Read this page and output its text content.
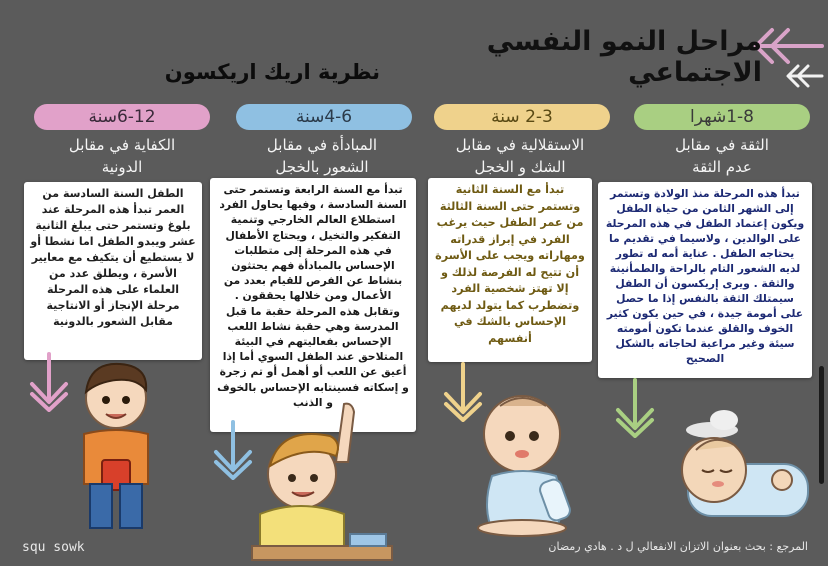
مراحل النمو النفسي الاجتماعي
نظرية اريك اريكسون
1-8شهرا
الثقة في مقابل
عدم الثقة
تبدأ هذه المرحلة منذ الولادة وتستمر إلى الشهر الثامن من حياة الطفل ويكون إعتماد الطفل في هذه المرحلة على الوالدين ، ولاسيما في تقديم ما يحتاجه الطفل . عناية أمه له تطور لديه الشعور التام بالراحة والطمأنينة والثقة . ويرى إريكسون أن الطفل سيمتلك الثقة بالنفس إذا ما حصل على أمومة جيدة ، في حين يكون كثير الخوف والقلق عندما تكون أمومته سيئة وغير مراعية لحاجاته بالشكل الصحيح
2-3 سنة
الاستقلالية في مقابل
الشك و الخجل
تبدأ مع السنة الثانية وتستمر حتى السنة الثالثة من عمر الطفل حيث يرغب الفرد في إبراز قدراته ومهاراته ويجب على الأسرة أن تتيح له الفرصة لذلك و إلا تهتز شخصية الفرد وتضطرب كما يتولد لديهم الإحساس بالشك في أنفسهم
4-6سنة
المبادأة في مقابل
الشعور بالخجل
تبدأ مع السنة الرابعة وتستمر حتى السنة السادسة ، وفيها يحاول الفرد استطلاع العالم الخارجي وتنمية التفكير والتخيل ، ويحتاج الأطفال في هذه المرحلة إلى متطلبات الإحساس بالمبادأة فهم يحتثون بنشاط عن الفرص للقيام بعدد من الأعمال ومن خلالها يحققون . وتقابل هذه المرحلة حقبة ما قبل المدرسة وهي حقبة نشاط اللعب الإحساس بفعاليتهم في البيئة المتلاحق عند الطفل السوي أما إذا أعيق عن اللعب أو أهمل أو تم زجرة و إسكاته فسينتابه الإحساس بالخوف و الذنب
6-12سنة
الكفاية في مقابل
الدونية
الطفل السنة السادسة من العمر تبدأ هذه المرحلة عند بلوغ وتستمر حتى يبلغ الثانية عشر ويبدو الطفل اما نشطا أو لا يستطيع أن يتكيف مع معايير الأسرة ، ويطلق عدد من العلماء على هذه المرحلة مرحلة الإنجاز أو الانتاجية مقابل الشعور بالدونية
squ sowk	المرجع : بحث بعنوان الاتزان الانفعالي ل د . هادي رمضان
